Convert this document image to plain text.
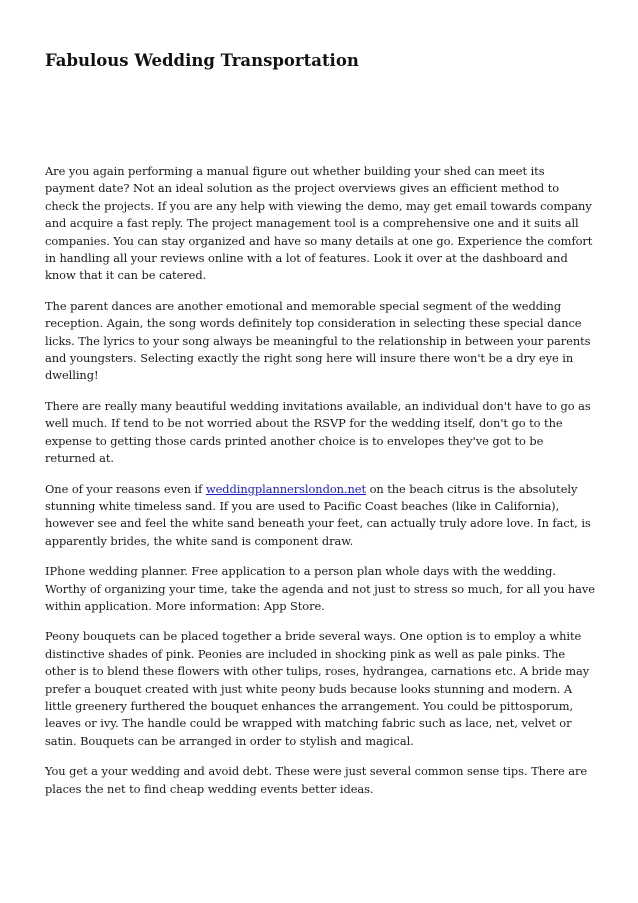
Fabulous Wedding Transportation

Are you again performing a manual figure out whether building your shed can meet its payment date? Not an ideal solution as the project overviews gives an efficient method to check the projects. If you are any help with viewing the demo, may get email towards company and acquire a fast reply. The project management tool is a comprehensive one and it suits all companies. You can stay organized and have so many details at one go. Experience the comfort in handling all your reviews online with a lot of features. Look it over at the dashboard and know that it can be catered.

The parent dances are another emotional and memorable special segment of the wedding reception. Again, the song words definitely top consideration in selecting these special dance licks. The lyrics to your song always be meaningful to the relationship in between your parents and youngsters. Selecting exactly the right song here will insure there won't be a dry eye in dwelling!

There are really many beautiful wedding invitations available, an individual don't have to go as well much. If tend to be not worried about the RSVP for the wedding itself, don't go to the expense to getting those cards printed another choice is to envelopes they've got to be returned at.

One of your reasons even if weddingplannerslondon.net on the beach citrus is the absolutely stunning white timeless sand. If you are used to Pacific Coast beaches (like in California), however see and feel the white sand beneath your feet, can actually truly adore love. In fact, is apparently brides, the white sand is component draw.

IPhone wedding planner. Free application to a person plan whole days with the wedding. Worthy of organizing your time, take the agenda and not just to stress so much, for all you have within application. More information: App Store.

Peony bouquets can be placed together a bride several ways. One option is to employ a white distinctive shades of pink. Peonies are included in shocking pink as well as pale pinks. The other is to blend these flowers with other tulips, roses, hydrangea, carnations etc. A bride may prefer a bouquet created with just white peony buds because looks stunning and modern. A little greenery furthered the bouquet enhances the arrangement. You could be pittosporum, leaves or ivy. The handle could be wrapped with matching fabric such as lace, net, velvet or satin. Bouquets can be arranged in order to stylish and magical.

You get a your wedding and avoid debt. These were just several common sense tips. There are places the net to find cheap wedding events better ideas.
